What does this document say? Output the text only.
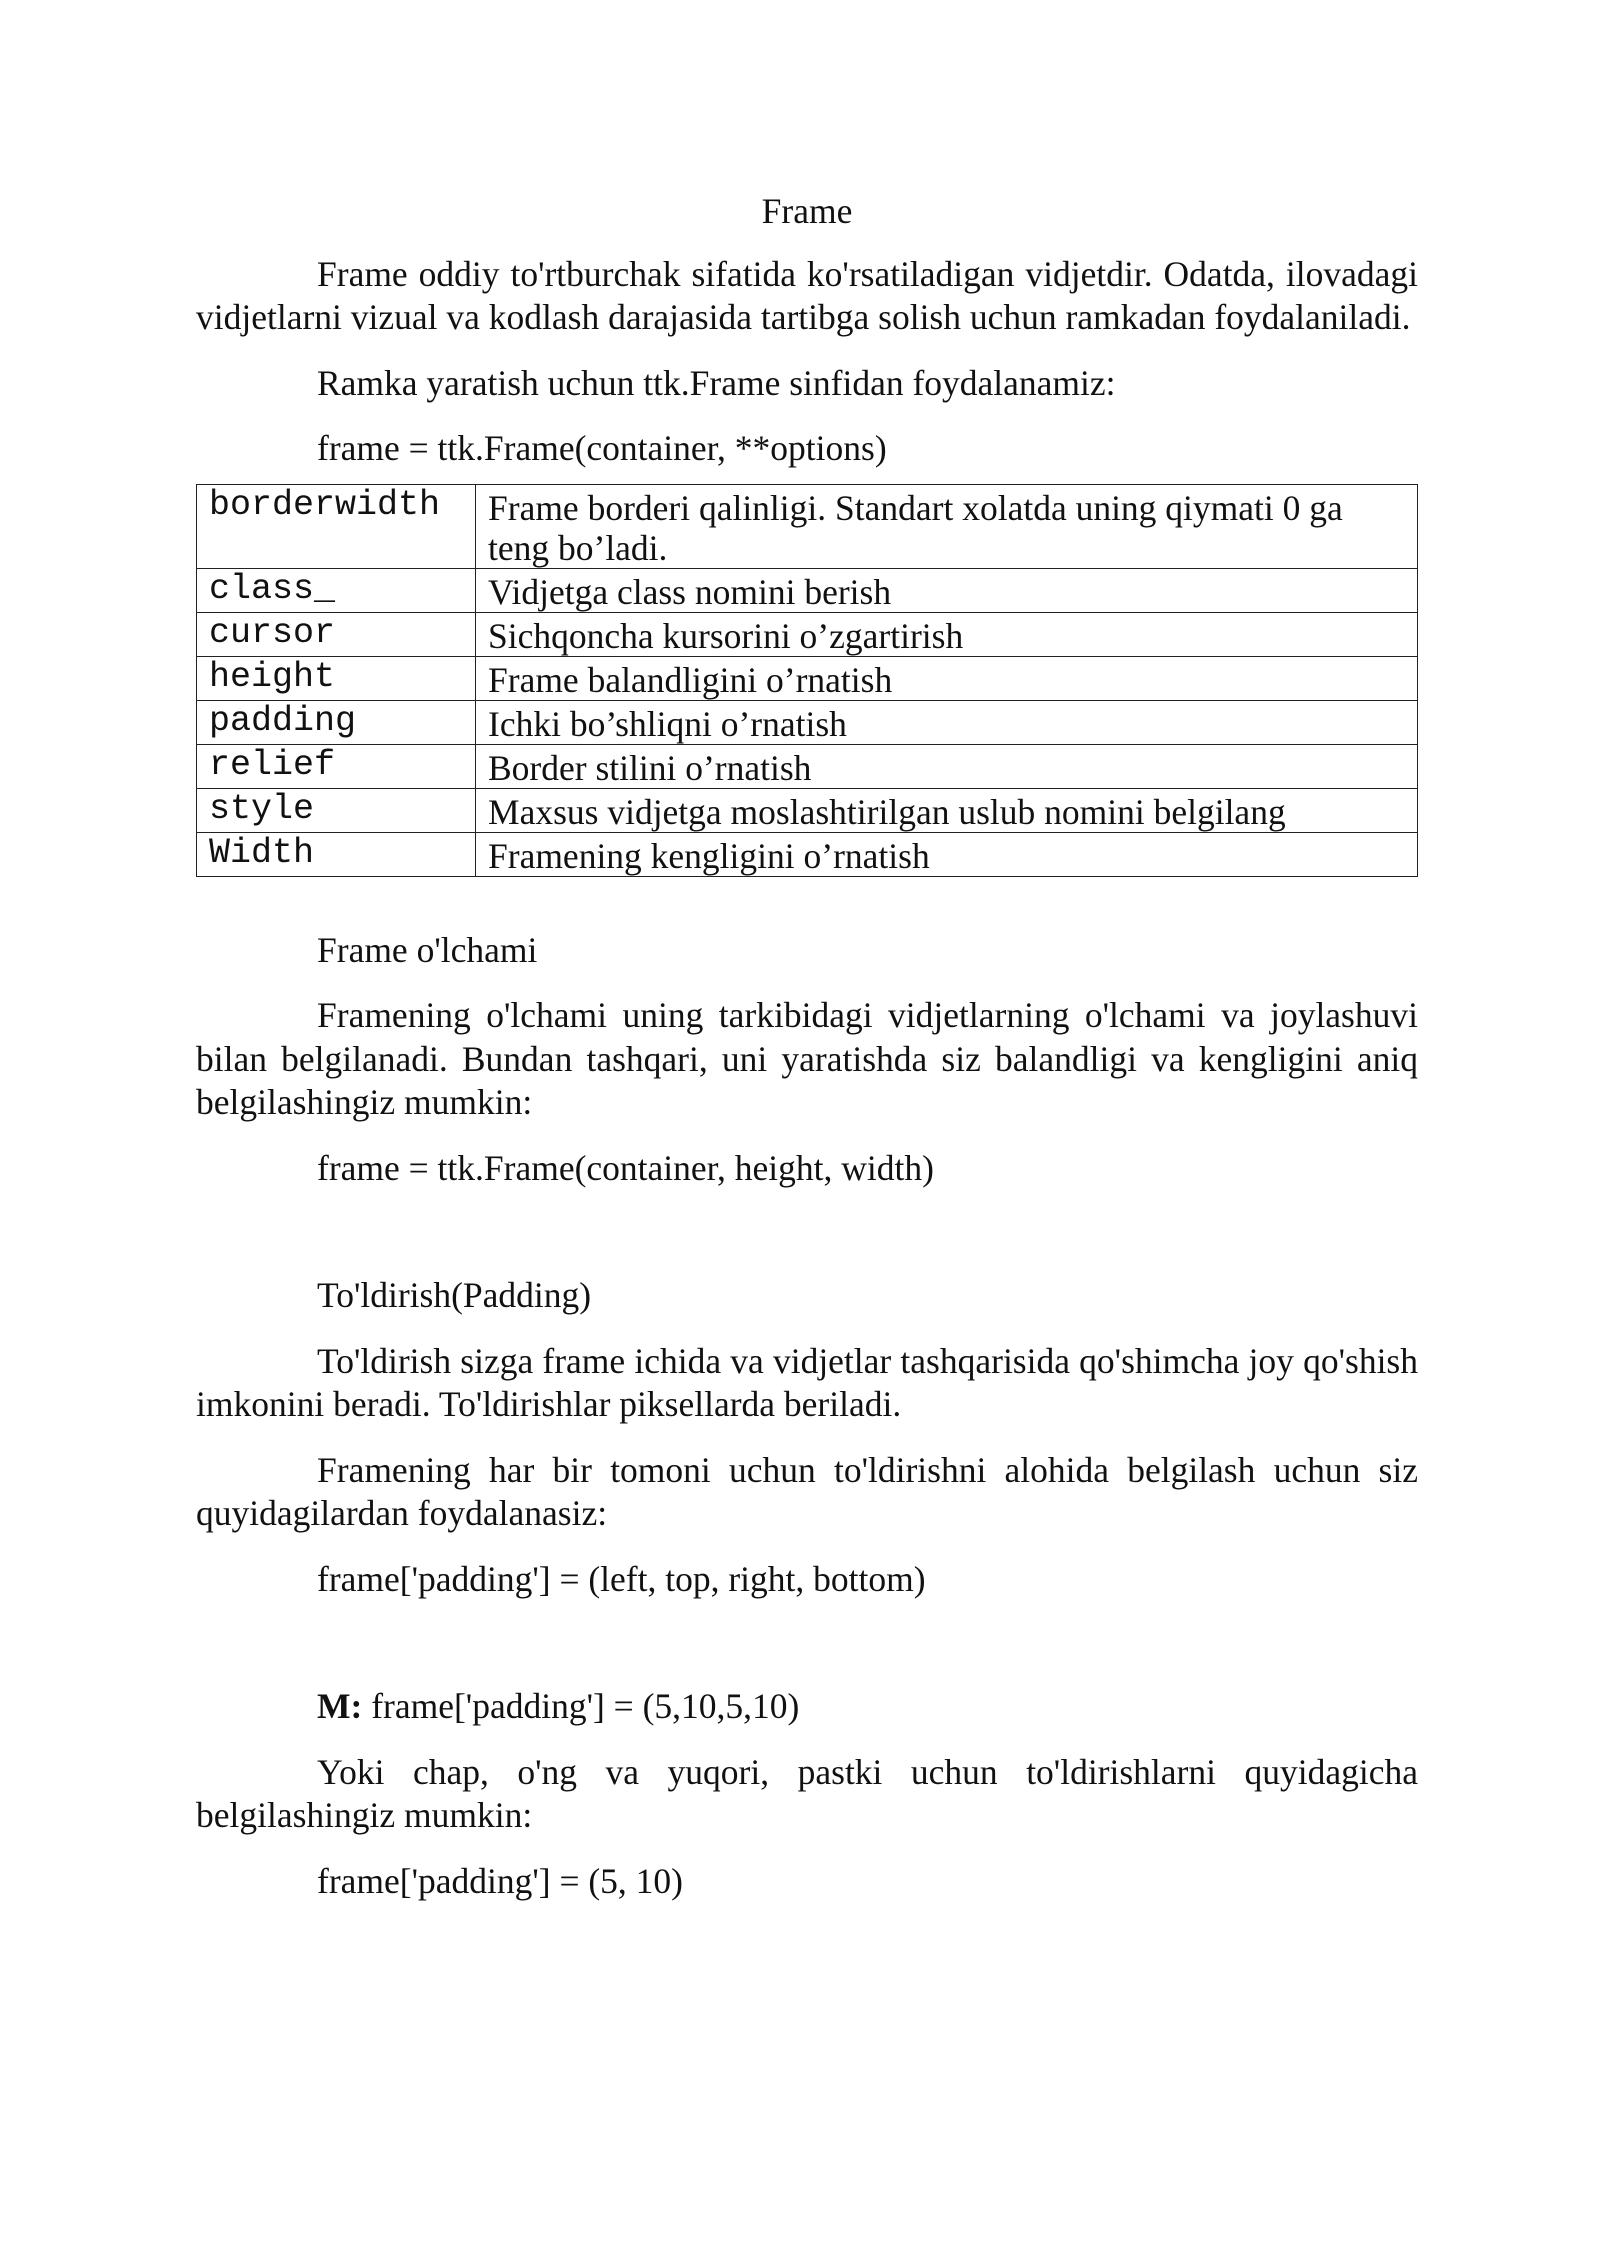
Frame

Frame oddiy to'rtburchak sifatida ko'rsatiladigan vidjetdir. Odatda, ilovadagi vidjetlarni vizual va kodlash darajasida tartibga solish uchun ramkadan foydalaniladi.

Ramka yaratish uchun ttk.Frame sinfidan foydalanamiz:

frame = ttk.Frame(container, **options)

borderwidth	Frame borderi qalinligi. Standart xolatda uning qiymati 0 ga teng bo’ladi.
class_	Vidjetga class nomini berish
cursor	Sichqoncha kursorini o’zgartirish
height	Frame balandligini o’rnatish
padding	Ichki bo’shliqni o’rnatish
relief	Border stilini o’rnatish
style	Maxsus vidjetga moslashtirilgan uslub nomini belgilang
Width	Framening kengligini o’rnatish

Frame o'lchami

Framening o'lchami uning tarkibidagi vidjetlarning o'lchami va joylashuvi bilan belgilanadi. Bundan tashqari, uni yaratishda siz balandligi va kengligini aniq belgilashingiz mumkin:

frame = ttk.Frame(container, height, width)

To'ldirish(Padding)

To'ldirish sizga frame ichida va vidjetlar tashqarisida qo'shimcha joy qo'shish imkonini beradi. To'ldirishlar piksellarda beriladi.

Framening har bir tomoni uchun to'ldirishni alohida belgilash uchun siz quyidagilardan foydalanasiz:

frame['padding'] = (left, top, right, bottom)

M: frame['padding'] = (5,10,5,10)

Yoki chap, o'ng va yuqori, pastki uchun to'ldirishlarni quyidagicha belgilashingiz mumkin:

frame['padding'] = (5, 10)
